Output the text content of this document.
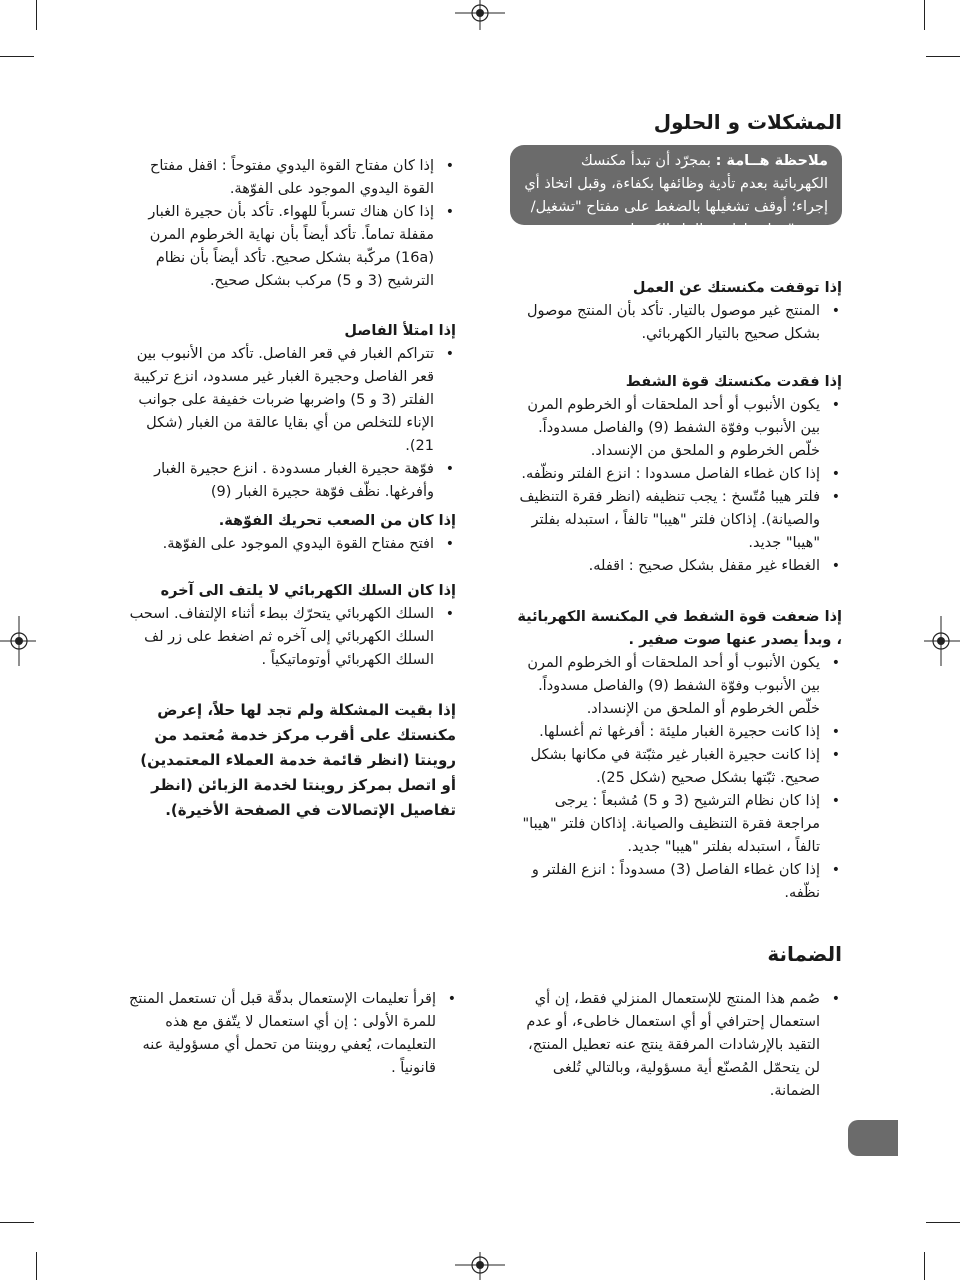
المشكلات و الحلول
ملاحظة هــامة : بمجرّد أن تبدأ مكنسك الكهربائية بعدم تأدية وظائفها بكفاءة، وقبل اتخاذ أي إجراء؛ أوقف تشغيلها بالضغط على مفتاح "تشغيل/توقف"، وافصلها عن التيار الكهربائي.
إذا توقفت مكنستك عن العمل
• المنتج غير موصول بالتيار. تأكد بأن المنتج موصول بشكل صحيح بالتيار الكهربائي.
إذا فقدت مكنستك قوة الشفط
• يكون الأنبوب أو أحد الملحقات أو الخرطوم المرن بين الأنبوب وفوّة الشفط (9) والفاصل مسدوداً. خلّص الخرطوم و الملحق من الإنسداد.
• إذا كان غطاء الفاصل مسدودا : انزع الفلتر ونظّفه.
• فلتر هيبا مُتّسخ : يجب تنظيفه (انظر فقرة التنظيف والصيانة). إذاكان فلتر "هيبا" تالفاً ، استبدله بفلتر "هيبا" جديد.
• الغطاء غير مقفل بشكل صحيح : اقفله.
إذا ضعفت قوة الشفط في المكنسة الكهربائية ، وبدأ يصدر عنها صوت صفير .
• يكون الأنبوب أو أحد الملحقات أو الخرطوم المرن بين الأنبوب وفوّة الشفط (9) والفاصل مسدوداً. خلّص الخرطوم أو الملحق من الإنسداد.
• إذا كانت حجيرة الغبار مليئة : أفرغها ثم أغسلها.
• إذا كانت حجيرة الغبار غير مثبّتة في مكانها بشكل صحيح. ثبّتها بشكل صحيح (شكل 25).
• إذا كان نظام الترشيح (3 و 5) مُشبعاً : يرجى مراجعة فقرة التنظيف والصيانة. إذاكان فلتر "هيبا" تالفاً ، استبدله بفلتر "هيبا" جديد.
• إذا كان غطاء الفاصل (3) مسدوداً : انزع الفلتر و نظّفه.
• إذا كان مفتاح القوة اليدوي مفتوحاً : اقفل مفتاح القوة اليدوي الموجود على الفوّهة.
• إذا كان هناك تسرباً للهواء. تأكد بأن حجيرة الغبار مقفلة تماماً. تأكد أيضاً بأن نهاية الخرطوم المرن (16a) مركّبة بشكل صحيح. تأكد أيضاً بأن نظام الترشيح (3 و 5) مركب بشكل صحيح.
إذا امتلأ الفاصل
• تتراكم الغبار في قعر الفاصل. تأكد من الأنبوب بين قعر الفاصل وحجيرة الغبار غير مسدود، انزع تركيبة الفلتر (3 و 5) واضربها ضربات خفيفة على جوانب الإناء للتخلص من أي بقايا عالقة من الغبار (شكل 21).
• فوّهة حجيرة الغبار مسدودة . انزع حجيرة الغبار وأفرغها. نظّف فوّهة حجيرة الغبار (9)
إذا كان من الصعب تحريك الفوّهة.
• افتح مفتاح القوة اليدوي الموجود على الفوّهة.
إذا كان السلك الكهربائي لا يلتف الى آخره
• السلك الكهربائي يتحرّك ببطء أثناء الإلتفاف. اسحب السلك الكهربائي إلى آخره ثم اضغط على زر لف السلك الكهربائي أوتوماتيكياً .
إذا بقيت المشكلة ولم تجد لها حلاً، إعرض مكنستك على أقرب مركز خدمة مُعتمد من روينتا (انظر قائمة خدمة العملاء المعتمدين) أو اتصل بمركز روينتا لخدمة الزبائن (انظر تفاصيل الإتصالات في الصفحة الأخيرة).
الضمانة
• صُمم هذا المنتج للإستعمال المنزلي فقط، إن أي استعمال إحترافي أو أي استعمال خاطىء، أو عدم التقيد بالإرشادات المرفقة ينتج عنه تعطيل المنتج، لن يتحمّل المُصنّع أية مسؤولية، وبالتالي تُلغى الضمانة.
• إقرأ تعليمات الإستعمال بدقّة قبل أن تستعمل المنتج للمرة الأولى : إن أي استعمال لا يتّفق مع هذه التعليمات، يُعفي روينتا من تحمل أي مسؤولية عنه قانونياً .
